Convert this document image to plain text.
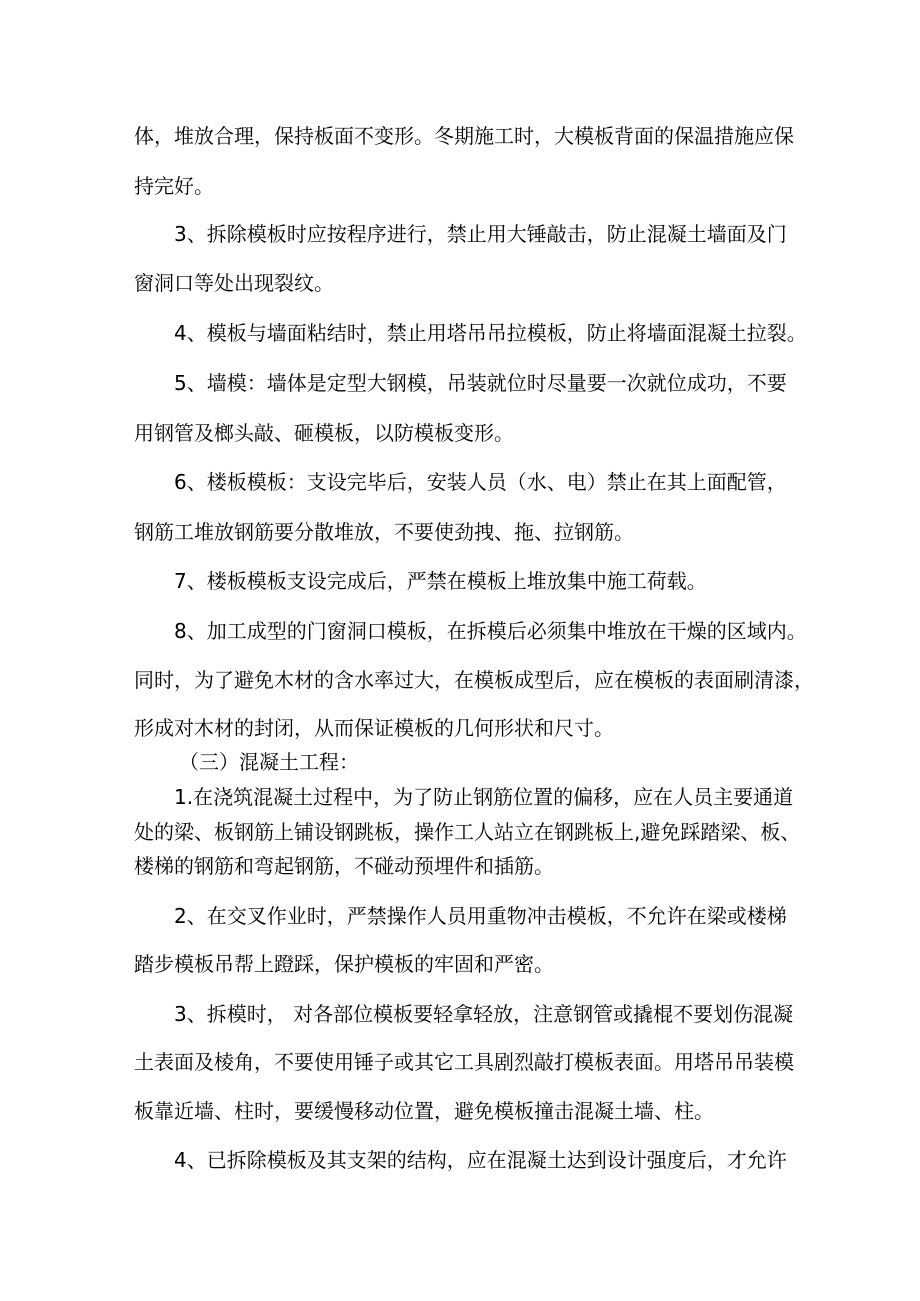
体，堆放合理，保持板面不变形。冬期施工时，大模板背面的保温措施应保
持完好。
3、拆除模板时应按程序进行，禁止用大锤敲击，防止混凝土墙面及门
窗洞口等处出现裂纹。
4、模板与墙面粘结时，禁止用塔吊吊拉模板，防止将墙面混凝土拉裂。
5、墙模：墙体是定型大钢模，吊装就位时尽量要一次就位成功，不要
用钢管及榔头敲、砸模板，以防模板变形。
6、楼板模板：支设完毕后，安装人员（水、电）禁止在其上面配管，
钢筋工堆放钢筋要分散堆放，不要使劲拽、拖、拉钢筋。
7、楼板模板支设完成后，严禁在模板上堆放集中施工荷载。
8、加工成型的门窗洞口模板，在拆模后必须集中堆放在干燥的区域内。
同时，为了避免木材的含水率过大，在模板成型后，应在模板的表面刷清漆，
形成对木材的封闭，从而保证模板的几何形状和尺寸。
（三）混凝土工程：
1.在浇筑混凝土过程中，为了防止钢筋位置的偏移，应在人员主要通道
处的梁、板钢筋上铺设钢跳板，操作工人站立在钢跳板上,避免踩踏梁、板、
楼梯的钢筋和弯起钢筋，不碰动预埋件和插筋。
2、在交叉作业时，严禁操作人员用重物冲击模板，不允许在梁或楼梯
踏步模板吊帮上蹬踩，保护模板的牢固和严密。
3、拆模时， 对各部位模板要轻拿轻放，注意钢管或撬棍不要划伤混凝
土表面及棱角，不要使用锤子或其它工具剧烈敲打模板表面。用塔吊吊装模
板靠近墙、柱时，要缓慢移动位置，避免模板撞击混凝土墙、柱。
4、已拆除模板及其支架的结构，应在混凝土达到设计强度后，才允许
